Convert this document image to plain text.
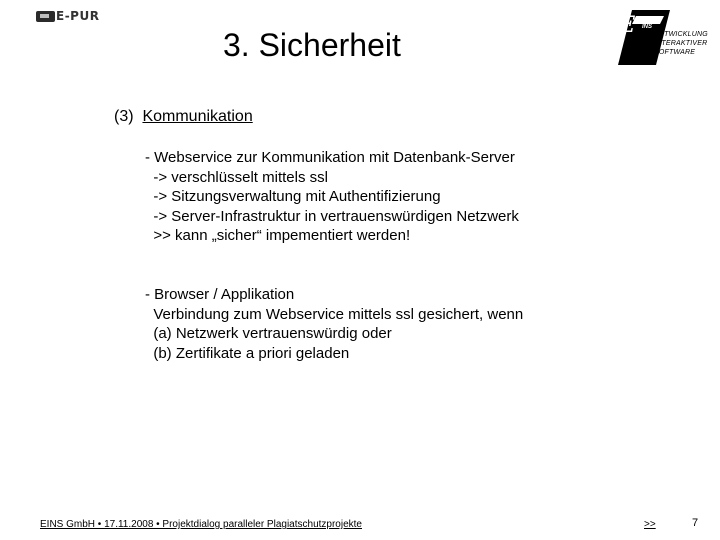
E-PUR
3. Sicherheit
E INS
ENTWICKLUNG
INTERAKTIVER
SOFTWARE
(3) Kommunikation
- Webservice zur Kommunikation mit Datenbank-Server
-> verschlüsselt mittels ssl
-> Sitzungsverwaltung mit Authentifizierung
-> Server-Infrastruktur in vertrauenswürdigen Netzwerk
>> kann „sicher“ impementiert werden!
- Browser / Applikation
Verbindung zum Webservice mittels ssl gesichert, wenn
(a) Netzwerk vertrauenswürdig oder
(b) Zertifikate a priori geladen
EINS GmbH • 17.11.2008 • Projektdialog paralleler Plagiatschutzprojekte	>>	7
